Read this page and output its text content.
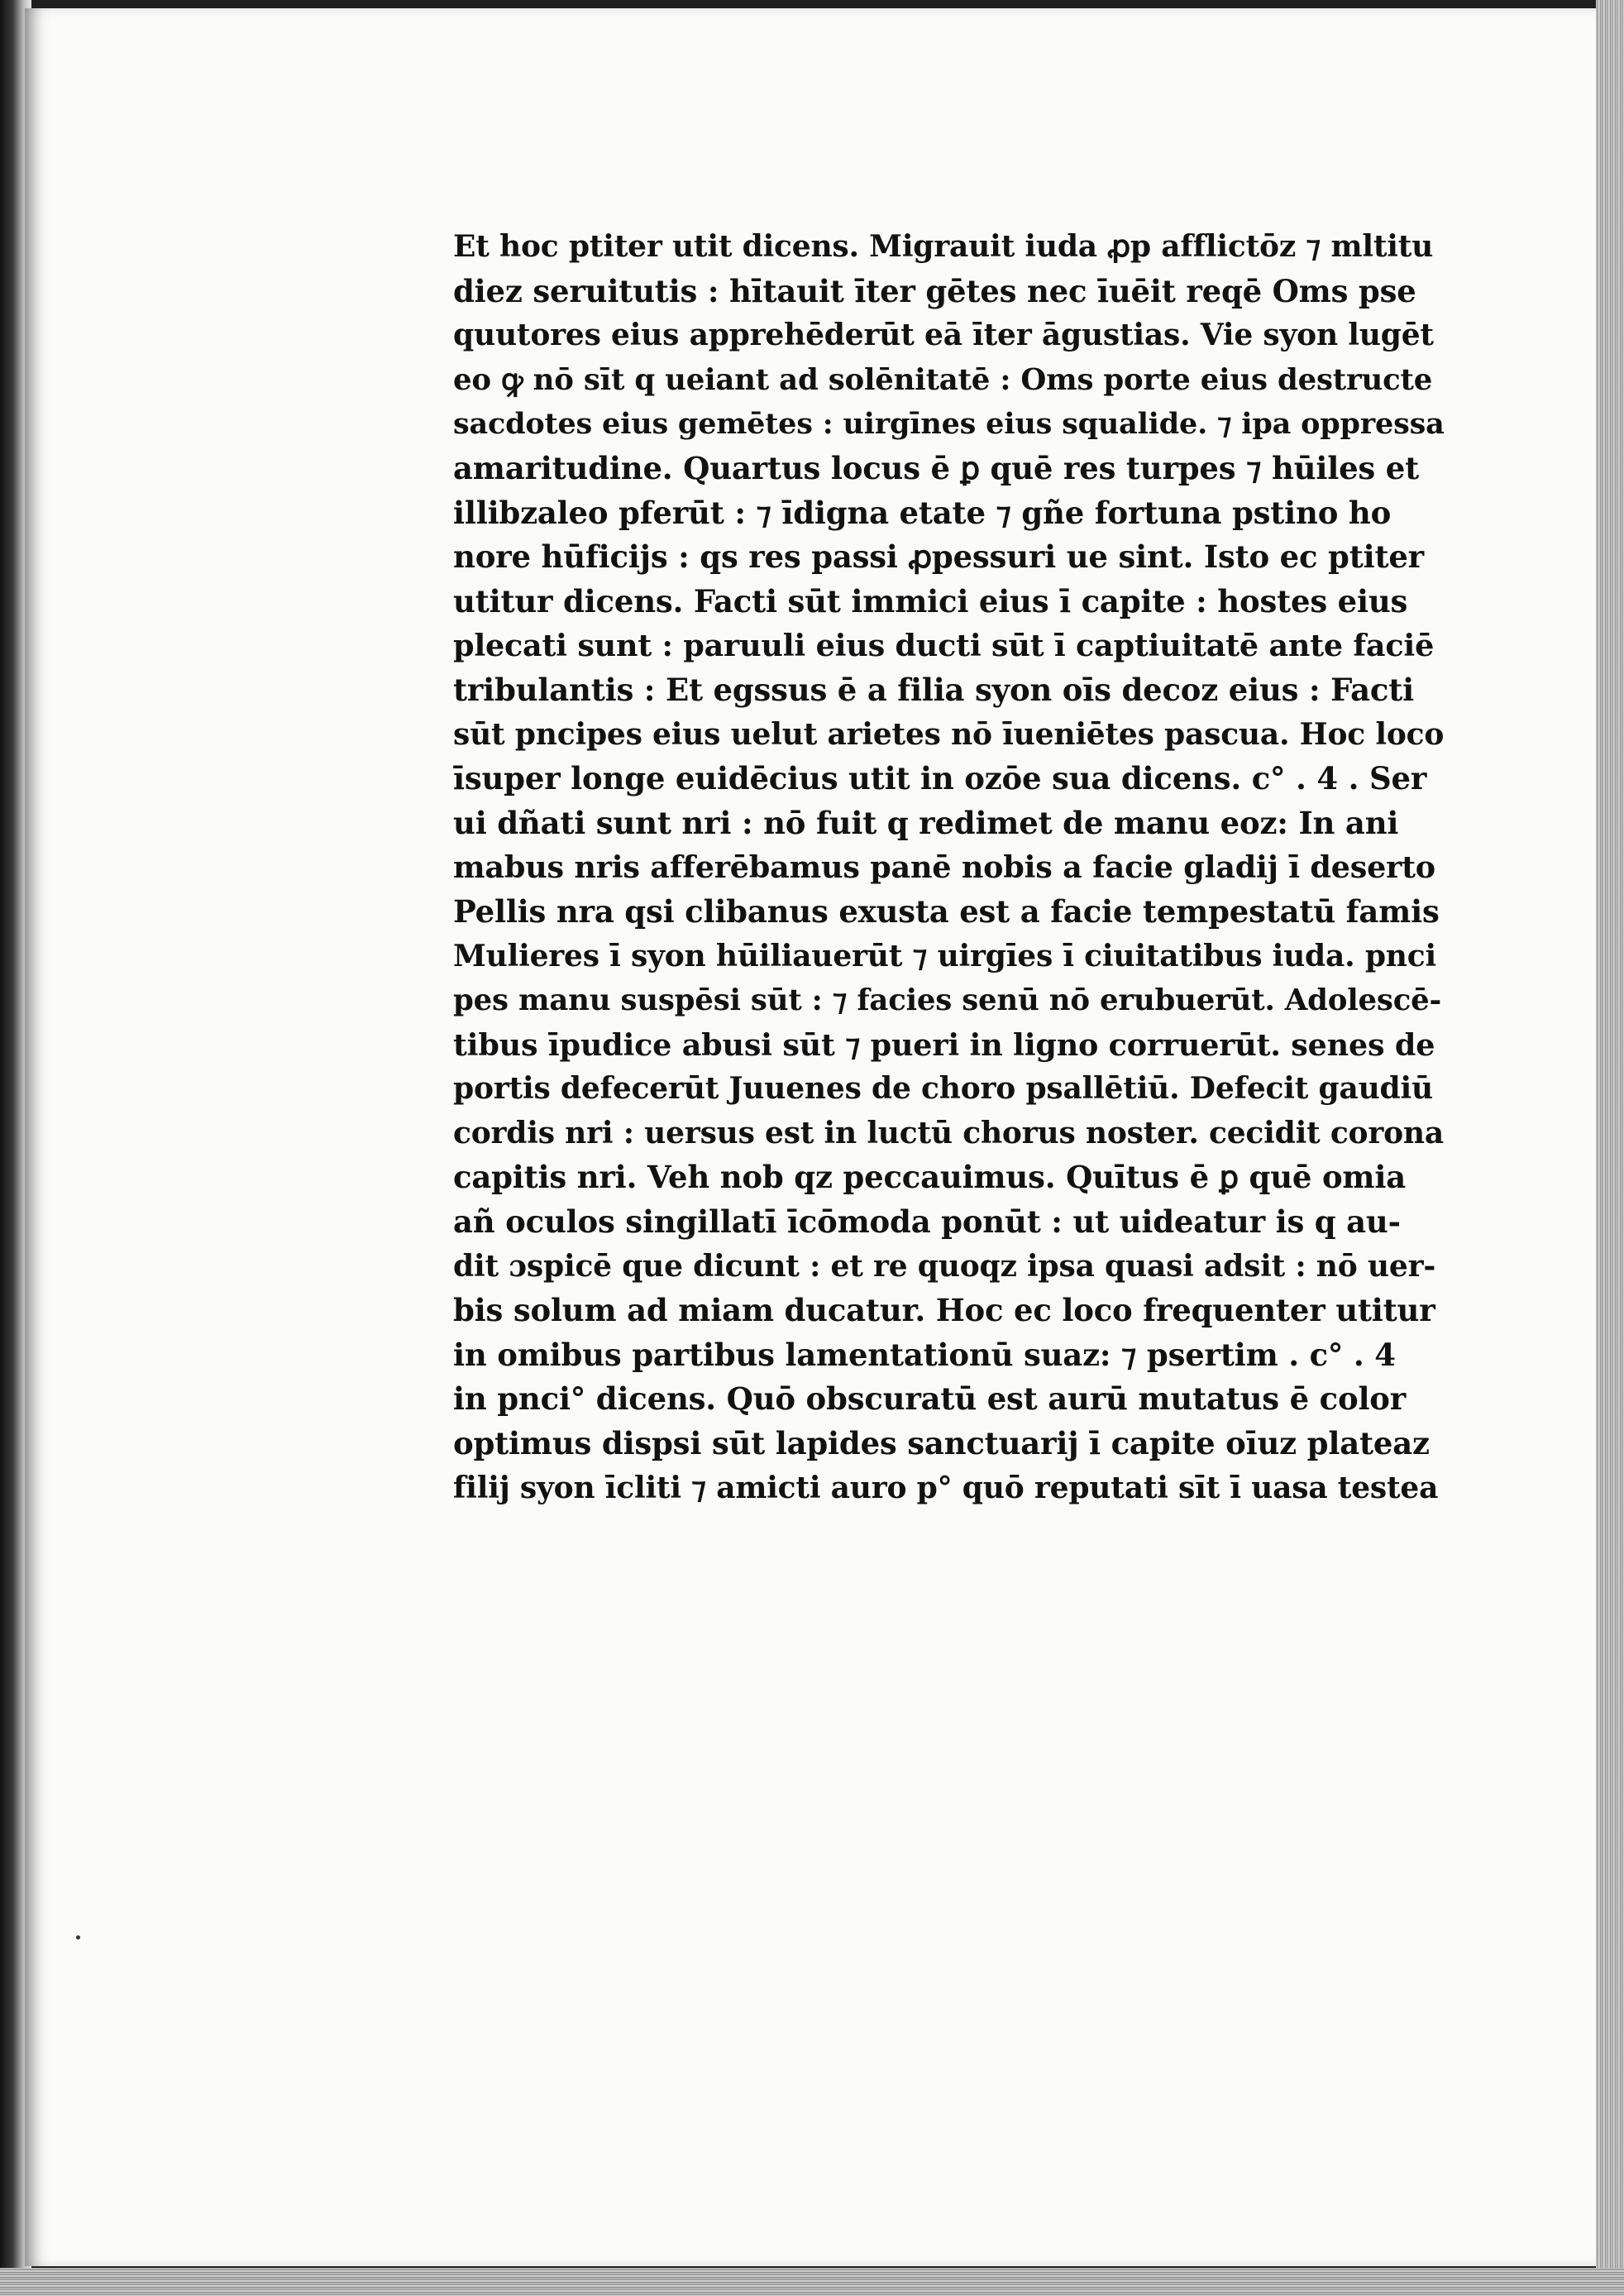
Et hoc ptiter utit dicens. Migrauit iuda ꝓp afflictōz ⁊ mltitu
diez seruitutis : hītauit īter gētes nec īuēit reqē Oms pse
quutores eius apprehēderūt eā īter āgustias. Vie syon lugēt
eo ꝙ nō sīt q ueiant ad solēnitatē : Oms porte eius destructe
sacdotes eius gemētes : uirgīnes eius squalide. ⁊ ipa oppressa
amaritudine. Quartus locus ē ꝑ quē res turpes ⁊ hūiles et
illibzaleo pferūt : ⁊ īdigna etate ⁊ gñe fortuna pstino ho
nore hūficijs : qs res passi ꝓpessuri ue sint. Isto ec ptiter
utitur dicens. Facti sūt immici eius ī capite : hostes eius
plecati sunt : paruuli eius ducti sūt ī captiuitatē ante faciē
tribulantis : Et egssus ē a filia syon oīs decoz eius : Facti
sūt pncipes eius uelut arietes nō īueniētes pascua. Hoc loco
īsuper longe euidēcius utit in ozōe sua dicens. c° . 4 . Ser
ui dñati sunt nri : nō fuit q redimet de manu eoz: In ani
mabus nris afferēbamus panē nobis a facie gladij ī deserto
Pellis nra qsi clibanus exusta est a facie tempestatū famis
Mulieres ī syon hūiliauerūt ⁊ uirgīes ī ciuitatibus iuda. pnci
pes manu suspēsi sūt : ⁊ facies senū nō erubuerūt. Adolescē-
tibus īpudice abusi sūt ⁊ pueri in ligno corruerūt. senes de
portis defecerūt Juuenes de choro psallētiū. Defecit gaudiū
cordis nri : uersus est in luctū chorus noster. cecidit corona
capitis nri. Veh nob qz peccauimus. Quītus ē ꝑ quē omia
añ oculos singillatī īcōmoda ponūt : ut uideatur is q au-
dit ɔspicē que dicunt : et re quoqz ipsa quasi adsit : nō uer-
bis solum ad miam ducatur. Hoc ec loco frequenter utitur
in omibus partibus lamentationū suaz: ⁊ psertim . c° . 4
in pnci° dicens. Quō obscuratū est aurū mutatus ē color
optimus dispsi sūt lapides sanctuarij ī capite oīuz plateaz
filij syon īcliti ⁊ amicti auro p° quō reputati sīt ī uasa testea
